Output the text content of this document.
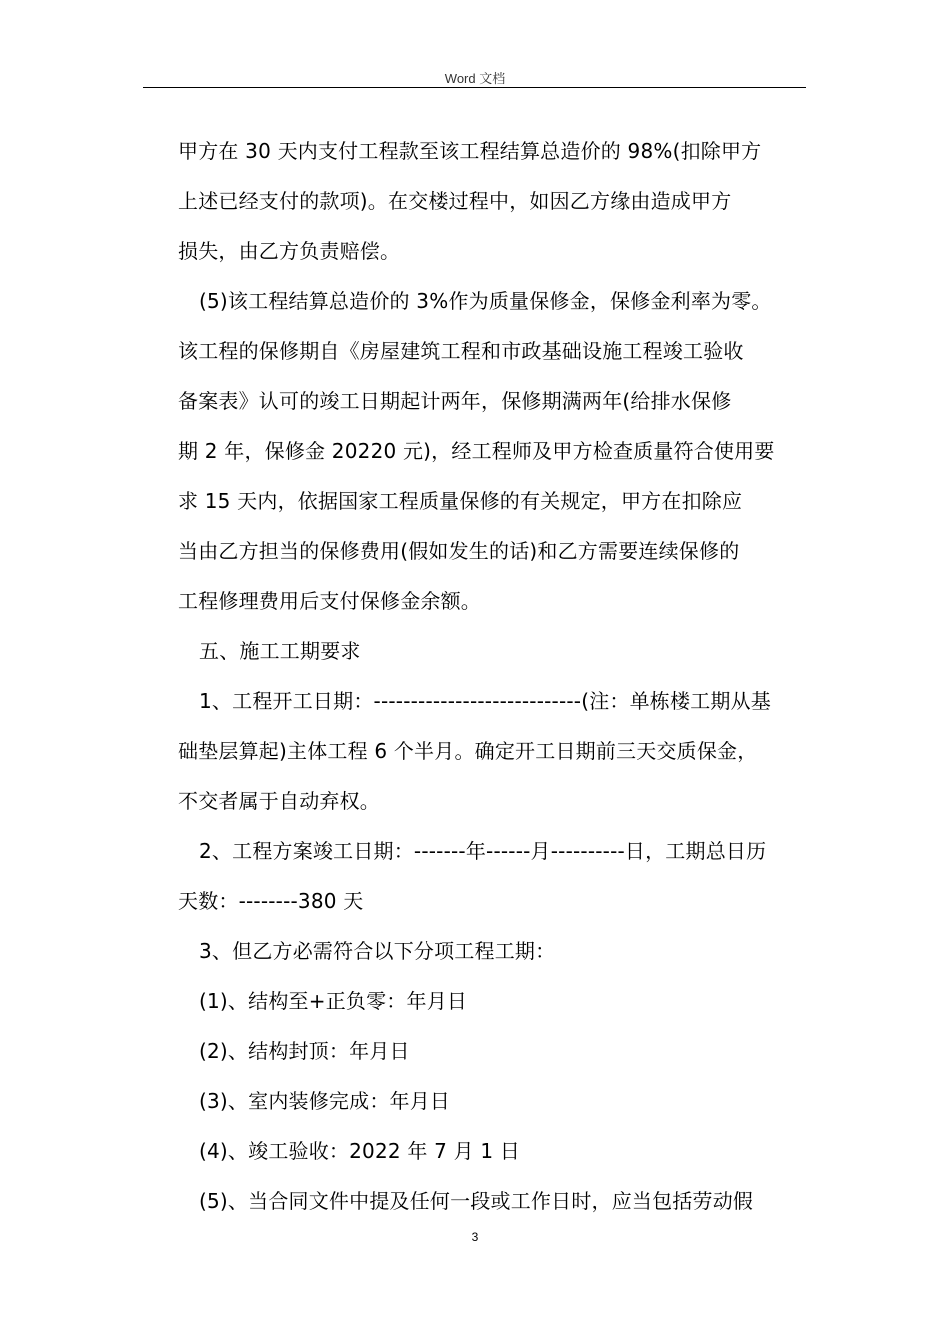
Word 文档
甲方在 30 天内支付工程款至该工程结算总造价的 98%(扣除甲方
上述已经支付的款项)。在交楼过程中，如因乙方缘由造成甲方
损失，由乙方负责赔偿。
(5)该工程结算总造价的 3%作为质量保修金，保修金利率为零。
该工程的保修期自《房屋建筑工程和市政基础设施工程竣工验收
备案表》认可的竣工日期起计两年，保修期满两年(给排水保修
期 2 年，保修金 20220 元)，经工程师及甲方检查质量符合使用要
求 15 天内，依据国家工程质量保修的有关规定，甲方在扣除应
当由乙方担当的保修费用(假如发生的话)和乙方需要连续保修的
工程修理费用后支付保修金余额。
五、施工工期要求
1、工程开工日期：----------------------------(注：单栋楼工期从基
础垫层算起)主体工程 6 个半月。确定开工日期前三天交质保金，
不交者属于自动弃权。
2、工程方案竣工日期：-------年------月----------日，工期总日历
天数：--------380 天
3、但乙方必需符合以下分项工程工期：
(1)、结构至+正负零：年月日
(2)、结构封顶：年月日
(3)、室内装修完成：年月日
(4)、竣工验收：2022 年 7 月 1 日
(5)、当合同文件中提及任何一段或工作日时，应当包括劳动假
3
